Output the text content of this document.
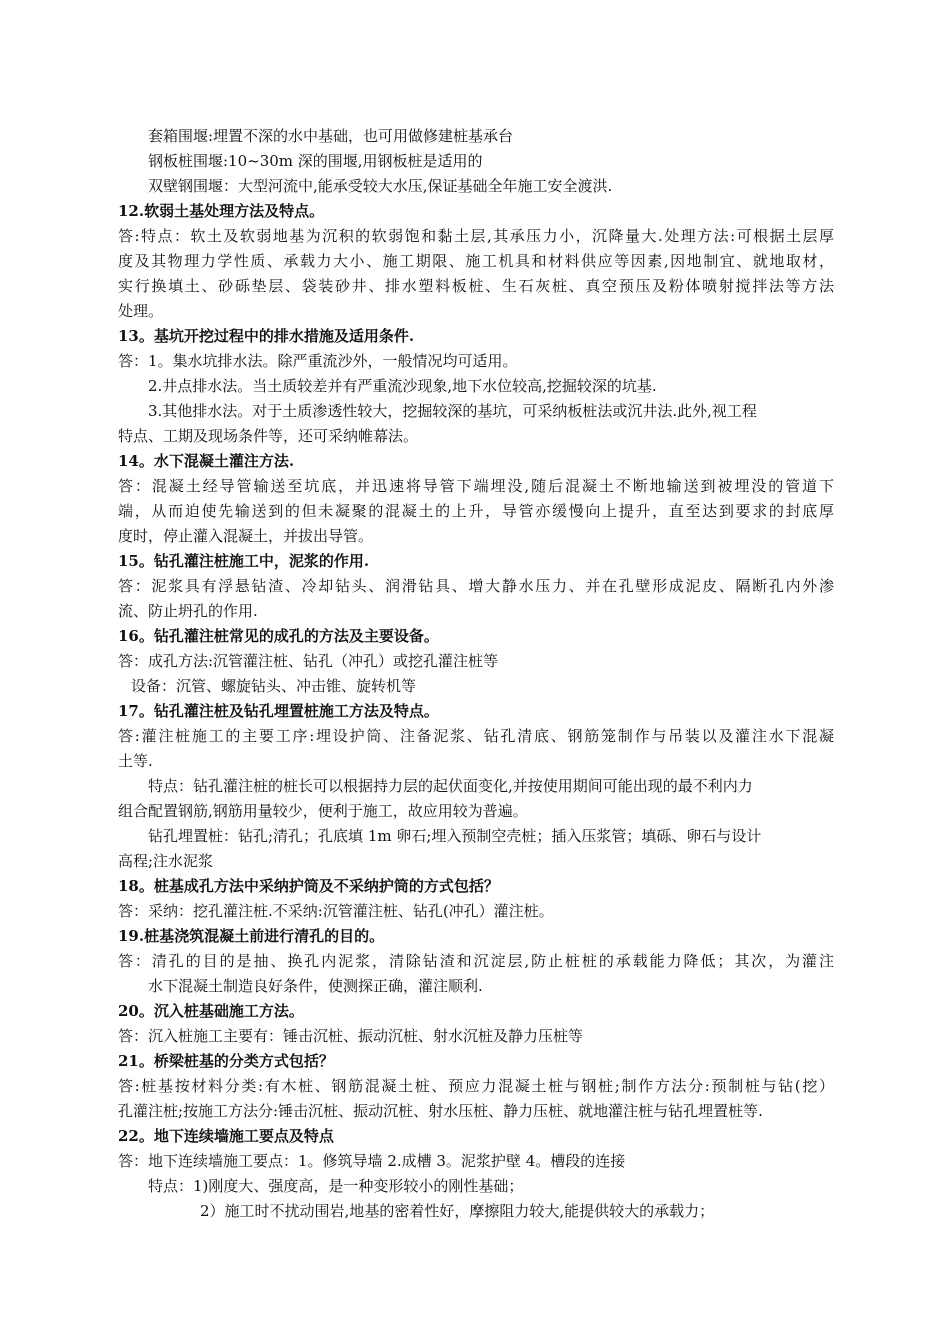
套箱围堰:埋置不深的水中基础，也可用做修建桩基承台
钢板桩围堰:10~30m 深的围堰,用钢板桩是适用的
双壁钢围堰：大型河流中,能承受较大水压,保证基础全年施工安全渡洪.
12.软弱土基处理方法及特点。
答:特点：软土及软弱地基为沉积的软弱饱和黏土层,其承压力小，沉降量大.处理方法:可根据土层厚
度及其物理力学性质、承载力大小、施工期限、施工机具和材料供应等因素,因地制宜、就地取材，
实行换填土、砂砾垫层、袋装砂井、排水塑料板桩、生石灰桩、真空预压及粉体喷射搅拌法等方法
处理。
13。基坑开挖过程中的排水措施及适用条件.
答：1。集水坑排水法。除严重流沙外，一般情况均可适用。
2.井点排水法。当土质较差并有严重流沙现象,地下水位较高,挖掘较深的坑基.
3.其他排水法。对于土质渗透性较大，挖掘较深的基坑，可采纳板桩法或沉井法.此外,视工程
特点、工期及现场条件等，还可采纳帷幕法。
14。水下混凝土灌注方法.
答：混凝土经导管输送至坑底，并迅速将导管下端埋没,随后混凝土不断地输送到被埋没的管道下
端，从而迫使先输送到的但未凝聚的混凝土的上升，导管亦缓慢向上提升，直至达到要求的封底厚
度时，停止灌入混凝土，并拔出导管。
15。钻孔灌注桩施工中，泥浆的作用.
答：泥浆具有浮悬钻渣、冷却钻头、润滑钻具、增大静水压力、并在孔壁形成泥皮、隔断孔内外渗
流、防止坍孔的作用.
16。钻孔灌注桩常见的成孔的方法及主要设备。
答：成孔方法:沉管灌注桩、钻孔（冲孔）或挖孔灌注桩等
设备：沉管、螺旋钻头、冲击锥、旋转机等
17。钻孔灌注桩及钻孔埋置桩施工方法及特点。
答:灌注桩施工的主要工序:埋设护筒、注备泥浆、钻孔清底、钢筋笼制作与吊装以及灌注水下混凝
土等.
特点：钻孔灌注桩的桩长可以根据持力层的起伏面变化,并按使用期间可能出现的最不利内力
组合配置钢筋,钢筋用量较少，便利于施工，故应用较为普遍。
钻孔埋置桩：钻孔;清孔；孔底填 1m 卵石;埋入预制空壳桩；插入压浆管；填砾、卵石与设计
高程;注水泥浆
18。桩基成孔方法中采纳护筒及不采纳护筒的方式包括？
答：采纳：挖孔灌注桩.不采纳:沉管灌注桩、钻孔(冲孔）灌注桩。
19.桩基浇筑混凝土前进行清孔的目的。
答：清孔的目的是抽、换孔内泥浆，清除钻渣和沉淀层,防止桩桩的承载能力降低；其次，为灌注
水下混凝土制造良好条件，使测探正确，灌注顺利.
20。沉入桩基础施工方法。
答：沉入桩施工主要有：锤击沉桩、振动沉桩、射水沉桩及静力压桩等
21。桥梁桩基的分类方式包括？
答:桩基按材料分类:有木桩、钢筋混凝土桩、预应力混凝土桩与钢桩;制作方法分:预制桩与钻(挖）
孔灌注桩;按施工方法分:锤击沉桩、振动沉桩、射水压桩、静力压桩、就地灌注桩与钻孔埋置桩等.
22。地下连续墙施工要点及特点
答：地下连续墙施工要点：1。修筑导墙 2.成槽 3。泥浆护壁 4。槽段的连接
特点：1)刚度大、强度高，是一种变形较小的刚性基础；
2）施工时不扰动围岩,地基的密着性好，摩擦阻力较大,能提供较大的承载力；
